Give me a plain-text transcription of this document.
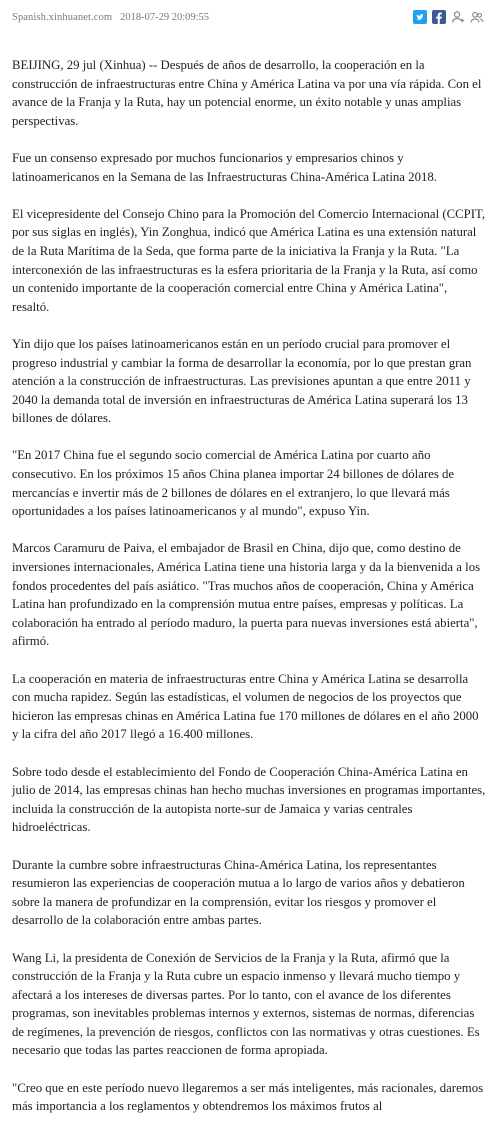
Spanish.xinhuanet.com 2018-07-29 20:09:55

BEIJING, 29 jul (Xinhua) -- Después de años de desarrollo, la cooperación en la construcción de infraestructuras entre China y América Latina va por una vía rápida. Con el avance de la Franja y la Ruta, hay un potencial enorme, un éxito notable y unas amplias perspectivas.

Fue un consenso expresado por muchos funcionarios y empresarios chinos y latinoamericanos en la Semana de las Infraestructuras China-América Latina 2018.

El vicepresidente del Consejo Chino para la Promoción del Comercio Internacional (CCPIT, por sus siglas en inglés), Yin Zonghua, indicó que América Latina es una extensión natural de la Ruta Marítima de la Seda, que forma parte de la iniciativa la Franja y la Ruta. "La interconexión de las infraestructuras es la esfera prioritaria de la Franja y la Ruta, así como un contenido importante de la cooperación comercial entre China y América Latina", resaltó.

Yin dijo que los países latinoamericanos están en un período crucial para promover el progreso industrial y cambiar la forma de desarrollar la economía, por lo que prestan gran atención a la construcción de infraestructuras. Las previsiones apuntan a que entre 2011 y 2040 la demanda total de inversión en infraestructuras de América Latina superará los 13 billones de dólares.

"En 2017 China fue el segundo socio comercial de América Latina por cuarto año consecutivo. En los próximos 15 años China planea importar 24 billones de dólares de mercancías e invertir más de 2 billones de dólares en el extranjero, lo que llevará más oportunidades a los países latinoamericanos y al mundo", expuso Yin.

Marcos Caramuru de Paiva, el embajador de Brasil en China, dijo que, como destino de inversiones internacionales, América Latina tiene una historia larga y da la bienvenida a los fondos procedentes del país asiático. "Tras muchos años de cooperación, China y América Latina han profundizado en la comprensión mutua entre países, empresas y políticas. La colaboración ha entrado al período maduro, la puerta para nuevas inversiones está abierta", afirmó.

La cooperación en materia de infraestructuras entre China y América Latina se desarrolla con mucha rapidez. Según las estadísticas, el volumen de negocios de los proyectos que hicieron las empresas chinas en América Latina fue 170 millones de dólares en el año 2000 y la cifra del año 2017 llegó a 16.400 millones.

Sobre todo desde el establecimiento del Fondo de Cooperación China-América Latina en julio de 2014, las empresas chinas han hecho muchas inversiones en programas importantes, incluida la construcción de la autopista norte-sur de Jamaica y varias centrales hidroeléctricas.

Durante la cumbre sobre infraestructuras China-América Latina, los representantes resumieron las experiencias de cooperación mutua a lo largo de varios años y debatieron sobre la manera de profundizar en la comprensión, evitar los riesgos y promover el desarrollo de la colaboración entre ambas partes.

Wang Li, la presidenta de Conexión de Servicios de la Franja y la Ruta, afirmó que la construcción de la Franja y la Ruta cubre un espacio inmenso y llevará mucho tiempo y afectará a los intereses de diversas partes. Por lo tanto, con el avance de los diferentes programas, son inevitables problemas internos y externos, sistemas de normas, diferencias de regímenes, la prevención de riesgos, conflictos con las normativas y otras cuestiones. Es necesario que todas las partes reaccionen de forma apropiada.

"Creo que en este período nuevo llegaremos a ser más inteligentes, más racionales, daremos más importancia a los reglamentos y obtendremos los máximos frutos al
